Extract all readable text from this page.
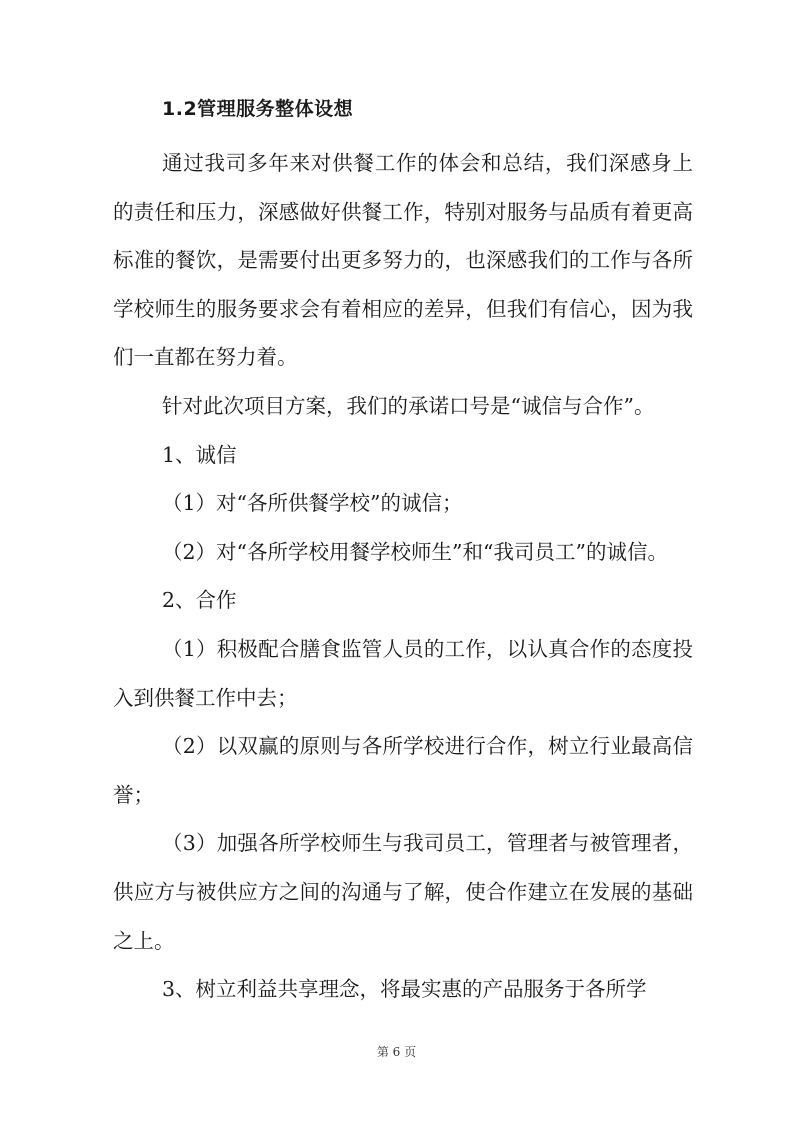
1.2管理服务整体设想

通过我司多年来对供餐工作的体会和总结，我们深感身上的责任和压力，深感做好供餐工作，特别对服务与品质有着更高标准的餐饮，是需要付出更多努力的，也深感我们的工作与各所学校师生的服务要求会有着相应的差异，但我们有信心，因为我们一直都在努力着。

针对此次项目方案，我们的承诺口号是“诚信与合作”。

1、诚信

（1）对“各所供餐学校”的诚信；

（2）对“各所学校用餐学校师生”和“我司员工”的诚信。

2、合作

（1）积极配合膳食监管人员的工作，以认真合作的态度投入到供餐工作中去；

（2）以双赢的原则与各所学校进行合作，树立行业最高信誉；

（3）加强各所学校师生与我司员工，管理者与被管理者，供应方与被供应方之间的沟通与了解，使合作建立在发展的基础之上。

3、树立利益共享理念，将最实惠的产品服务于各所学

第 6 页
